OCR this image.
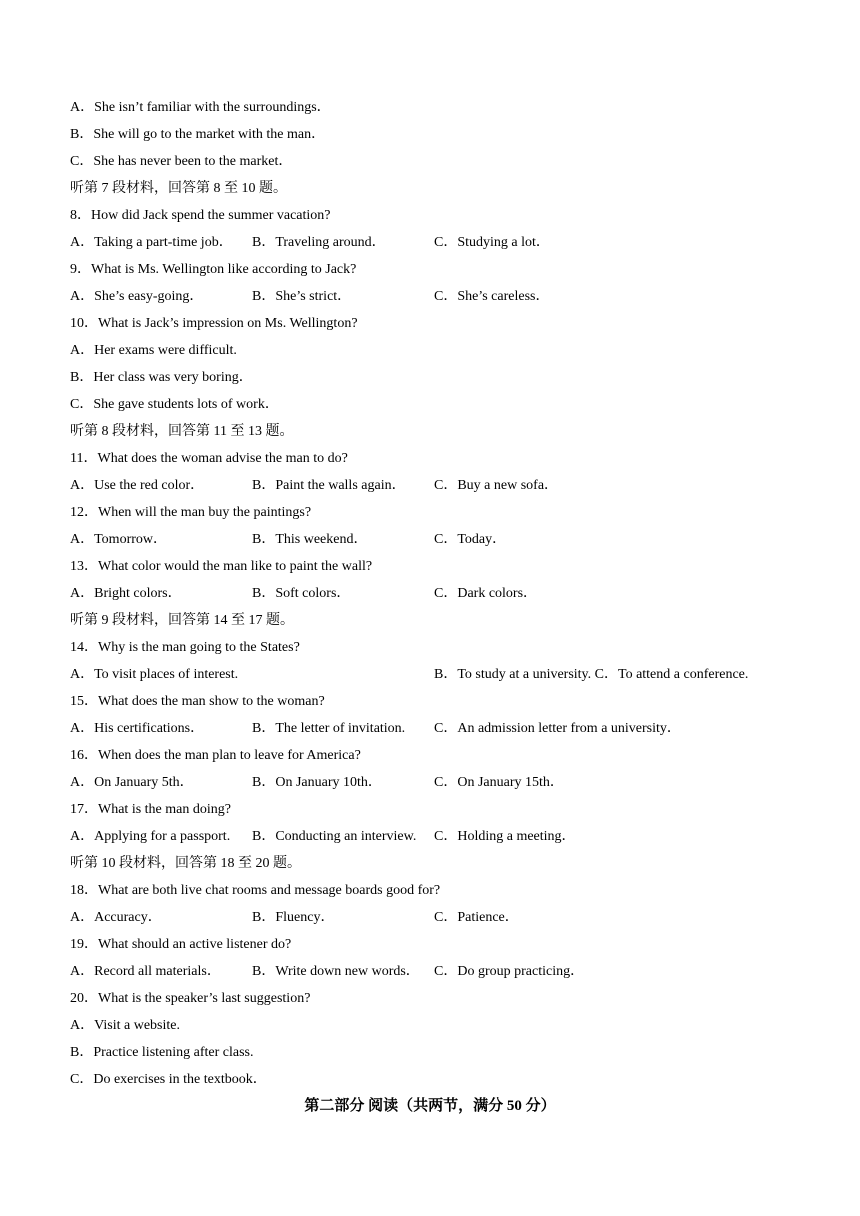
A．She isn’t familiar with the surroundings．
B．She will go to the market with the man．
C．She has never been to the market．
听第 7 段材料，回答第 8 至 10 题。
8．How did Jack spend the summer vacation?
A．Taking a part-time job． B．Traveling around．	C．Studying a lot．
9．What is Ms. Wellington like according to Jack?
A．She’s easy-going．	B．She’s strict．	C．She’s careless．
10．What is Jack’s impression on Ms. Wellington?
A．Her exams were difficult.
B．Her class was very boring．
C．She gave students lots of work．
听第 8 段材料，回答第 11 至 13 题。
11．What does the woman advise the man to do?
A．Use the red color．	B．Paint the walls again． C．Buy a new sofa．
12．When will the man buy the paintings?
A．Tomorrow．	B．This weekend．	C．Today．
13．What color would the man like to paint the wall?
A．Bright colors．	B．Soft colors．	C．Dark colors．
听第 9 段材料，回答第 14 至 17 题。
14．Why is the man going to the States?
A．To visit places of interest.	B．To study at a university. C．To attend a conference.
15．What does the man show to the woman?
A．His certifications．	B．The letter of invitation. C．An admission letter from a university．
16．When does the man plan to leave for America?
A．On January 5th．	B．On January 10th．	C．On January 15th．
17．What is the man doing?
A．Applying for a passport. B．Conducting an interview. C．Holding a meeting．
听第 10 段材料，回答第 18 至 20 题。
18．What are both live chat rooms and message boards good for?
A．Accuracy．	B．Fluency．	C．Patience．
19．What should an active listener do?
A．Record all materials． B．Write down new words． C．Do group practicing．
20．What is the speaker’s last suggestion?
A．Visit a website.
B．Practice listening after class.
C．Do exercises in the textbook．
第二部分 阅读（共两节，满分 50 分）
